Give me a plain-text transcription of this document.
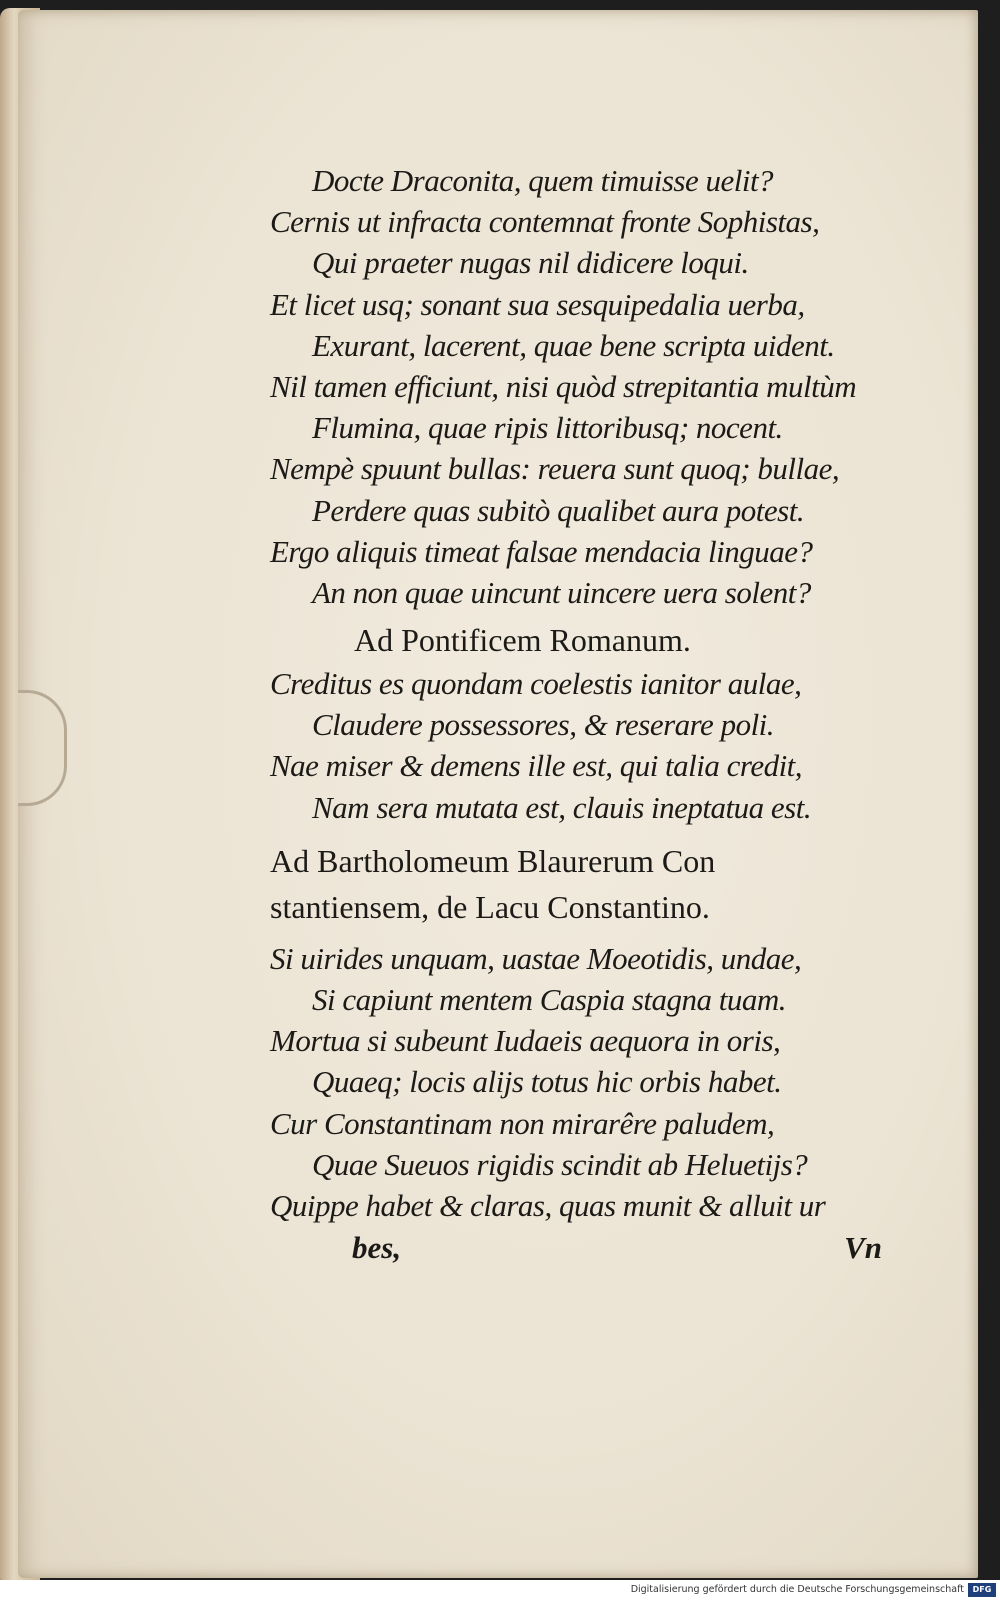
Docte Draconita, quem timuisse uelit?
Cernis ut infracta contemnat fronte Sophistas,
Qui praeter nugas nil didicere loqui.
Et licet usq; sonant sua sesquipedalia uerba,
Exurant, lacerent, quae bene scripta uident.
Nil tamen efficiunt, nisi quòd strepitantia multùm
Flumina, quae ripis littoribusq; nocent.
Nempè spuunt bullas: reuera sunt quoq; bullae,
Perdere quas subitò qualibet aura potest.
Ergo aliquis timeat falsae mendacia linguae?
An non quae uincunt uincere uera solent?
Ad Pontificem Romanum.
Creditus es quondam coelestis ianitor aulae,
Claudere possessores, & reserare poli.
Nae miser & demens ille est, qui talia credit,
Nam sera mutata est, clauis ineptatua est.
Ad Bartholomeum Blaurerum Con
stantiensem, de Lacu Constantino.
Si uirides unquam, uastae Moeotidis, undae,
Si capiunt mentem Caspia stagna tuam.
Mortua si subeunt Iudaeis aequora in oris,
Quaeq; locis alijs totus hic orbis habet.
Cur Constantinam non mirarêre paludem,
Quae Sueuos rigidis scindit ab Heluetijs?
Quippe habet & claras, quas munit & alluit ur
bes,	Vn
Digitalisierung gefördert durch die Deutsche Forschungsgemeinschaft	DFG
